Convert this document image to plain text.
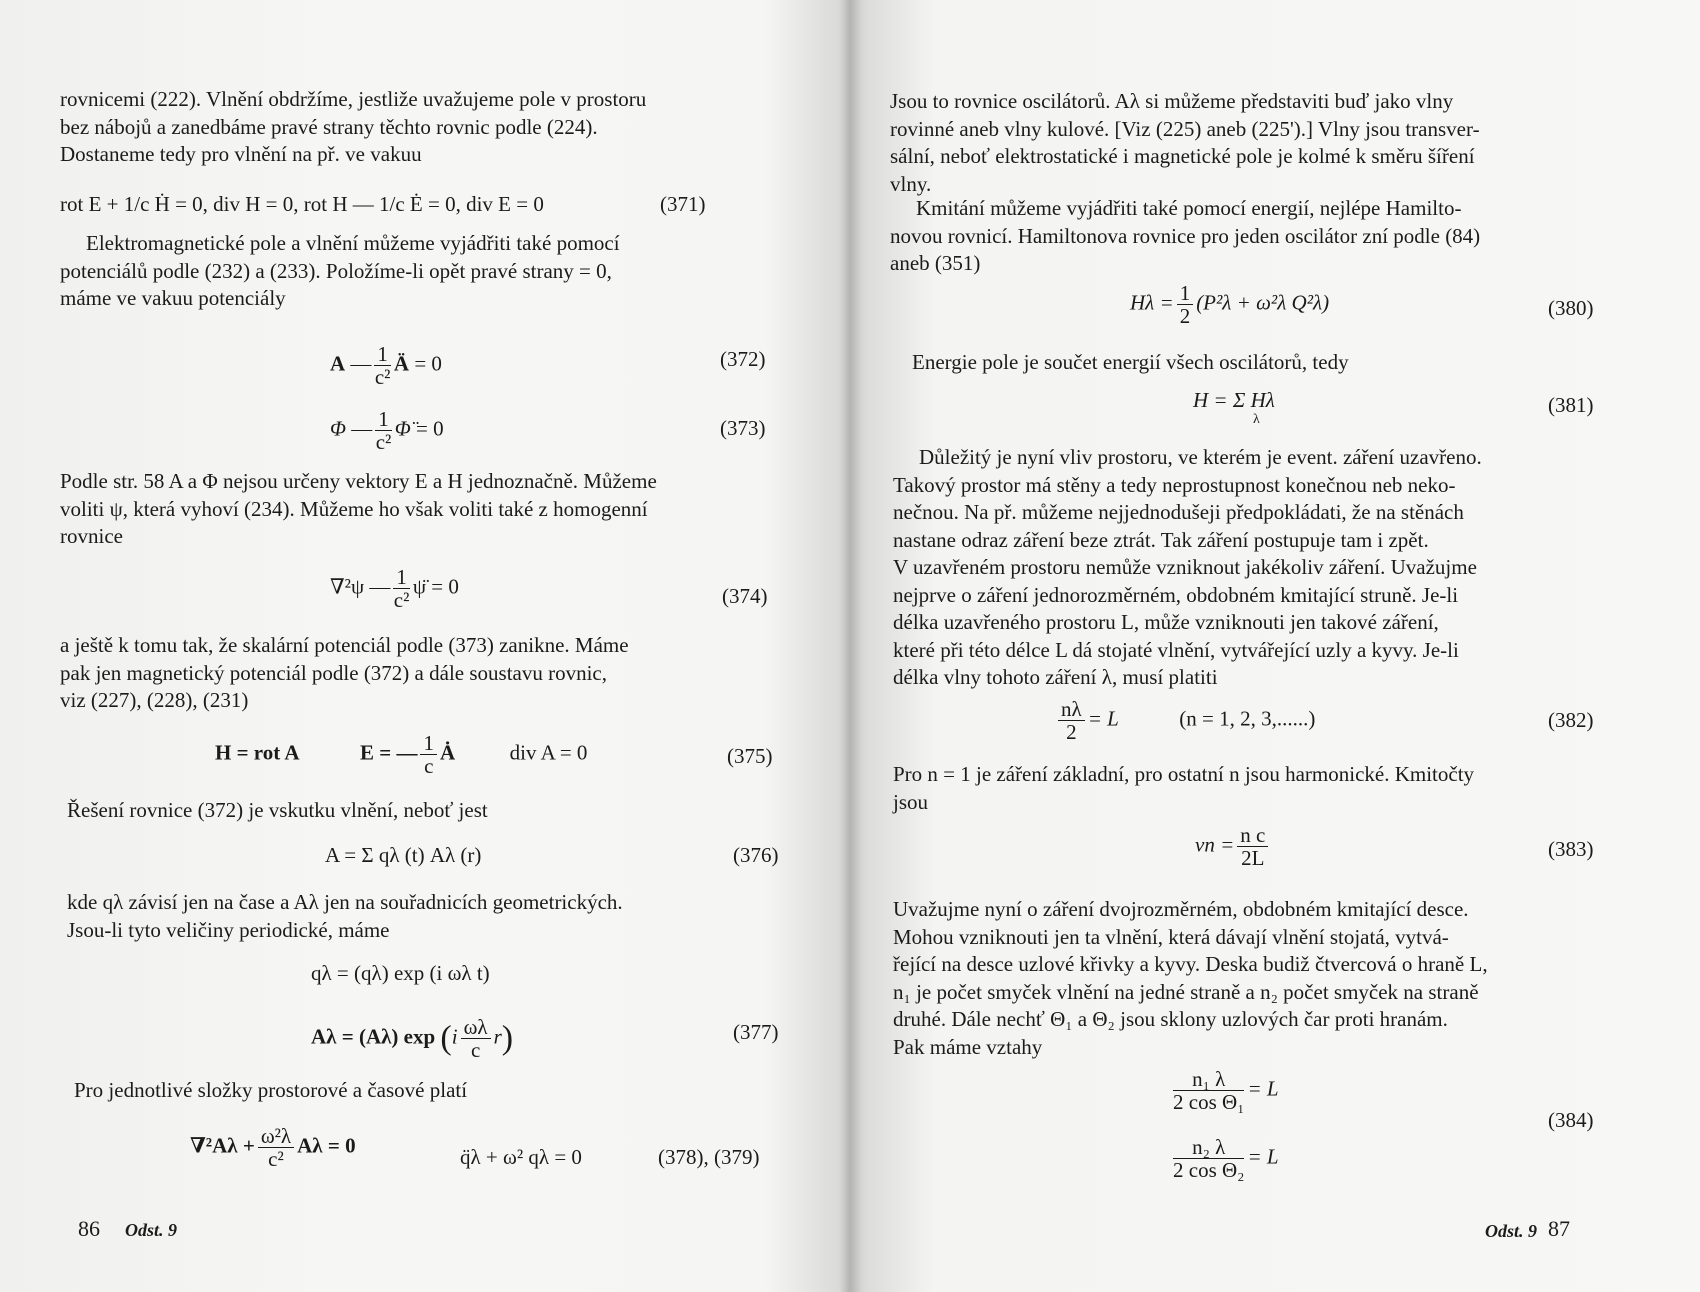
rovnicemi (222). Vlnění obdržíme, jestliže uvažujeme pole v prostoru
bez nábojů a zanedbáme pravé strany těchto rovnic podle (224).
Dostaneme tedy pro vlnění na př. ve vakuu
rot E + 1/c Ḣ = 0, div H = 0, rot H — 1/c Ė = 0, div E = 0	(371)
Elektromagnetické pole a vlnění můžeme vyjádřiti také pomocí
potenciálů podle (232) a (233). Položíme-li opět pravé strany = 0,
máme ve vakuu potenciály
A — $\frac{1}{\text{c²}}$ Ä = 0	(372)
Φ — $\frac{1}{\text{c²}}$ Φ̈ = 0	(373)
Podle str. 58 A a Φ nejsou určeny vektory E a H jednoznačně. Můžeme
voliti ψ, která vyhoví (234). Můžeme ho však voliti také z homogenní
rovnice
∇²ψ — $\frac{1}{\text{c²}}$ ψ̈ = 0	(374)
a ještě k tomu tak, že skalární potenciál podle (373) zanikne. Máme
pak jen magnetický potenciál podle (372) a dále soustavu rovnic,
viz (227), (228), (231)
H = rot A	E = — $\frac{1}{c}$ Ȧ	div A = 0	(375)
Řešení rovnice (372) je vskutku vlnění, neboť jest
A = Σ qλ (t) Aλ (r)	(376)
kde qλ závisí jen na čase a Aλ jen na souřadnicích geometrických.
Jsou-li tyto veličiny periodické, máme
qλ = (qλ) exp (i ωλ t)
Aλ = (Aλ) $\exp (i \frac{\omega\lambda}{c} r)$	(377)
Pro jednotlivé složky prostorové a časové platí
$\nabla^2A\lambda + \frac{\text{ω²λ}}{\text{c²}}$ Aλ = 0	q̈λ + ω² qλ = 0	(378), (379)
86 Odst. 9
Jsou to rovnice oscilátorů. Aλ si můžeme představiti buď jako vlny
rovinné aneb vlny kulové. [Viz (225) aneb (225').] Vlny jsou transver-
sální, neboť elektrostatické i magnetické pole je kolmé k směru šíření
vlny.
Kmitání můžeme vyjádřiti také pomocí energií, nejlépe Hamilto-
novou rovnicí. Hamiltonova rovnice pro jeden oscilátor zní podle (84)
aneb (351)
$H\lambda = \frac{1}{2} (P^2\lambda + \omega^2\lambda$ Q²λ)	(380)
Energie pole je součet energií všech oscilátorů, tedy
H = Σ Hλ
λ
(381)
Důležitý je nyní vliv prostoru, ve kterém je event. záření uzavřeno.
Takový prostor má stěny a tedy neprostupnost konečnou neb neko-
nečnou. Na př. můžeme nejjednodušeji předpokládati, že na stěnách
nastane odraz záření beze ztrát. Tak záření postupuje tam i zpět.
V uzavřeném prostoru nemůže vzniknout jakékoliv záření. Uvažujme
nejprve o záření jednorozměrném, obdobném kmitající struně. Je-li
délka uzavřeného prostoru L, může vzniknouti jen takové záření,
které při této délce L dá stojaté vlnění, vytvářející uzly a kyvy. Je-li
délka vlny tohoto záření λ, musí platiti
$\frac{n\lambda}{2} = L$	(n = 1, 2, 3,......)	(382)
Pro n = 1 je záření základní, pro ostatní n jsou harmonické. Kmitočty
jsou
$\nu n = \frac{\text{n c}}{2L}$	(383)
Uvažujme nyní o záření dvojrozměrném, obdobném kmitající desce.
Mohou vzniknouti jen ta vlnění, která dávají vlnění stojatá, vytvá-
řející na desce uzlové křivky a kyvy. Deska budiž čtvercová o hraně L,
n₁ je počet smyček vlnění na jedné straně a n₂ počet smyček na straně
druhé. Dále nechť Θ₁ a Θ₂ jsou sklony uzlových čar proti hranám.
Pak máme vztahy
$\frac{\text{n₁ λ}}{\text{2 cos Θ₁}} = L$
$\frac{\text{n₂ λ}}{\text{2 cos Θ₂}} = L$
(384)
Odst. 9 87
